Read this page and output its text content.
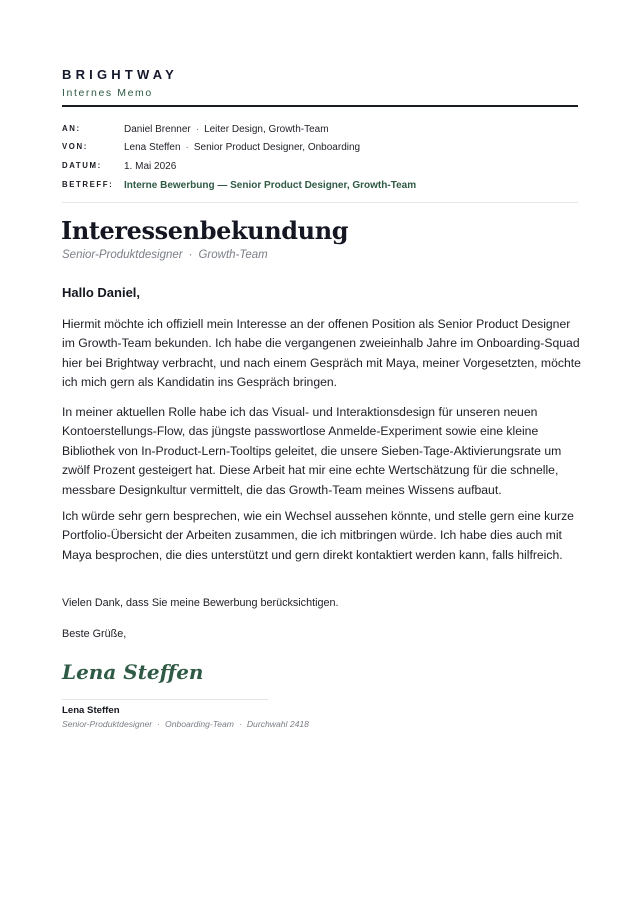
BRIGHTWAY
Internes Memo
AN:	Daniel Brenner · Leiter Design, Growth-Team
VON:	Lena Steffen · Senior Product Designer, Onboarding
DATUM: 1. Mai 2026
BETREFF: Interne Bewerbung — Senior Product Designer, Growth-Team
Interessenbekundung
Senior-Produktdesigner · Growth-Team
Hallo Daniel,

Hiermit möchte ich offiziell mein Interesse an der offenen Position als Senior Product Designer im Growth-Team bekunden. Ich habe die vergangenen zweieinhalb Jahre im Onboarding-Squad hier bei Brightway verbracht, und nach einem Gespräch mit Maya, meiner Vorgesetzten, möchte ich mich gern als Kandidatin ins Gespräch bringen.

In meiner aktuellen Rolle habe ich das Visual- und Interaktionsdesign für unseren neuen Kontoerstellungs-Flow, das jüngste passwortlose Anmelde-Experiment sowie eine kleine Bibliothek von In-Product-Lern-Tooltips geleitet, die unsere Sieben-Tage-Aktivierungsrate um zwölf Prozent gesteigert hat. Diese Arbeit hat mir eine echte Wertschätzung für die schnelle, messbare Designkultur vermittelt, die das Growth-Team meines Wissens aufbaut.

Ich würde sehr gern besprechen, wie ein Wechsel aussehen könnte, und stelle gern eine kurze Portfolio-Übersicht der Arbeiten zusammen, die ich mitbringen würde. Ich habe dies auch mit Maya besprochen, die dies unterstützt und gern direkt kontaktiert werden kann, falls hilfreich.

Vielen Dank, dass Sie meine Bewerbung berücksichtigen.
Beste Grüße,
Lena Steffen
Lena Steffen
Senior-Produktdesigner · Onboarding-Team · Durchwahl 2418
